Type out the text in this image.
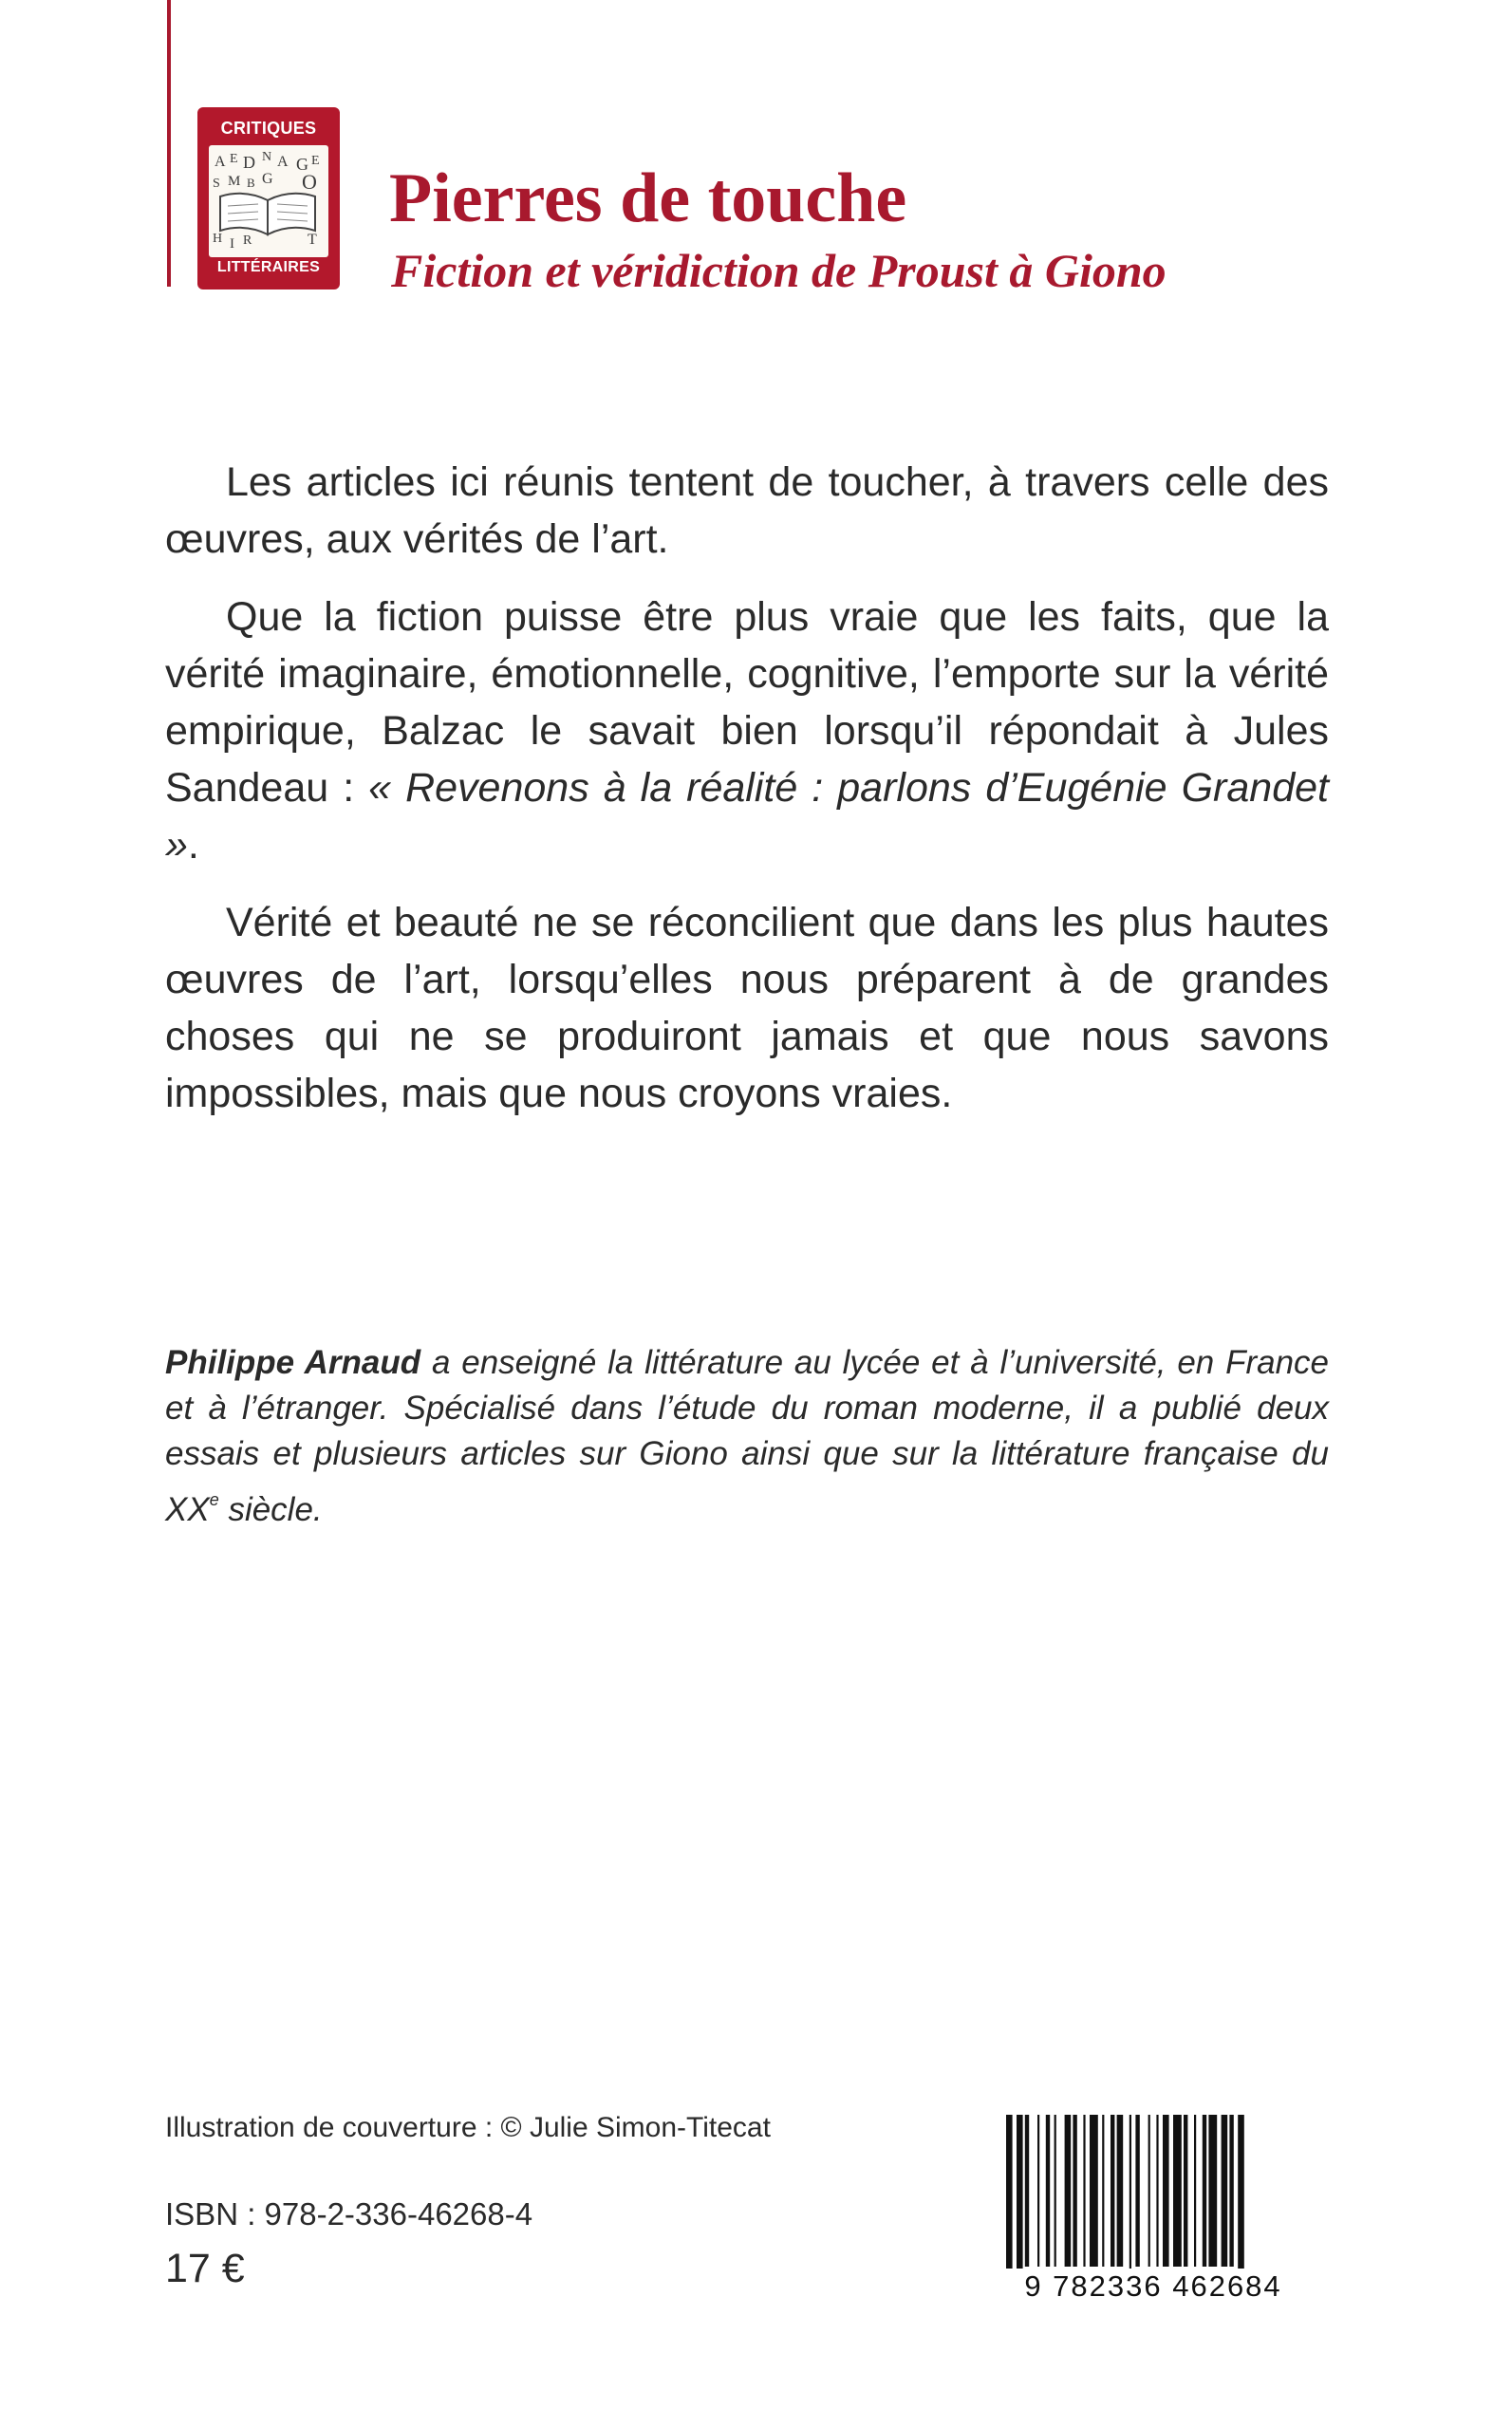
CRITIQUES
A E D N A G E
S M B G O
H I R	T
LITTÉRAIRES
Pierres de touche
Fiction et véridiction de Proust à Giono

Les articles ici réunis tentent de toucher, à travers celle des œuvres, aux vérités de l’art.

Que la fiction puisse être plus vraie que les faits, que la vérité imaginaire, émotionnelle, cognitive, l’emporte sur la vérité empirique, Balzac le savait bien lorsqu’il répondait à Jules Sandeau : « Revenons à la réalité : parlons d’Eugénie Grandet ».

Vérité et beauté ne se réconcilient que dans les plus hautes œuvres de l’art, lorsqu’elles nous préparent à de grandes choses qui ne se produiront jamais et que nous savons impossibles, mais que nous croyons vraies.

Philippe Arnaud a enseigné la littérature au lycée et à l’université, en France et à l’étranger. Spécialisé dans l’étude du roman moderne, il a publié deux essais et plusieurs articles sur Giono ainsi que sur la littérature française du XXe siècle.

Illustration de couverture : © Julie Simon-Titecat
ISBN : 978-2-336-46268-4
17 €	9 782336 462684
